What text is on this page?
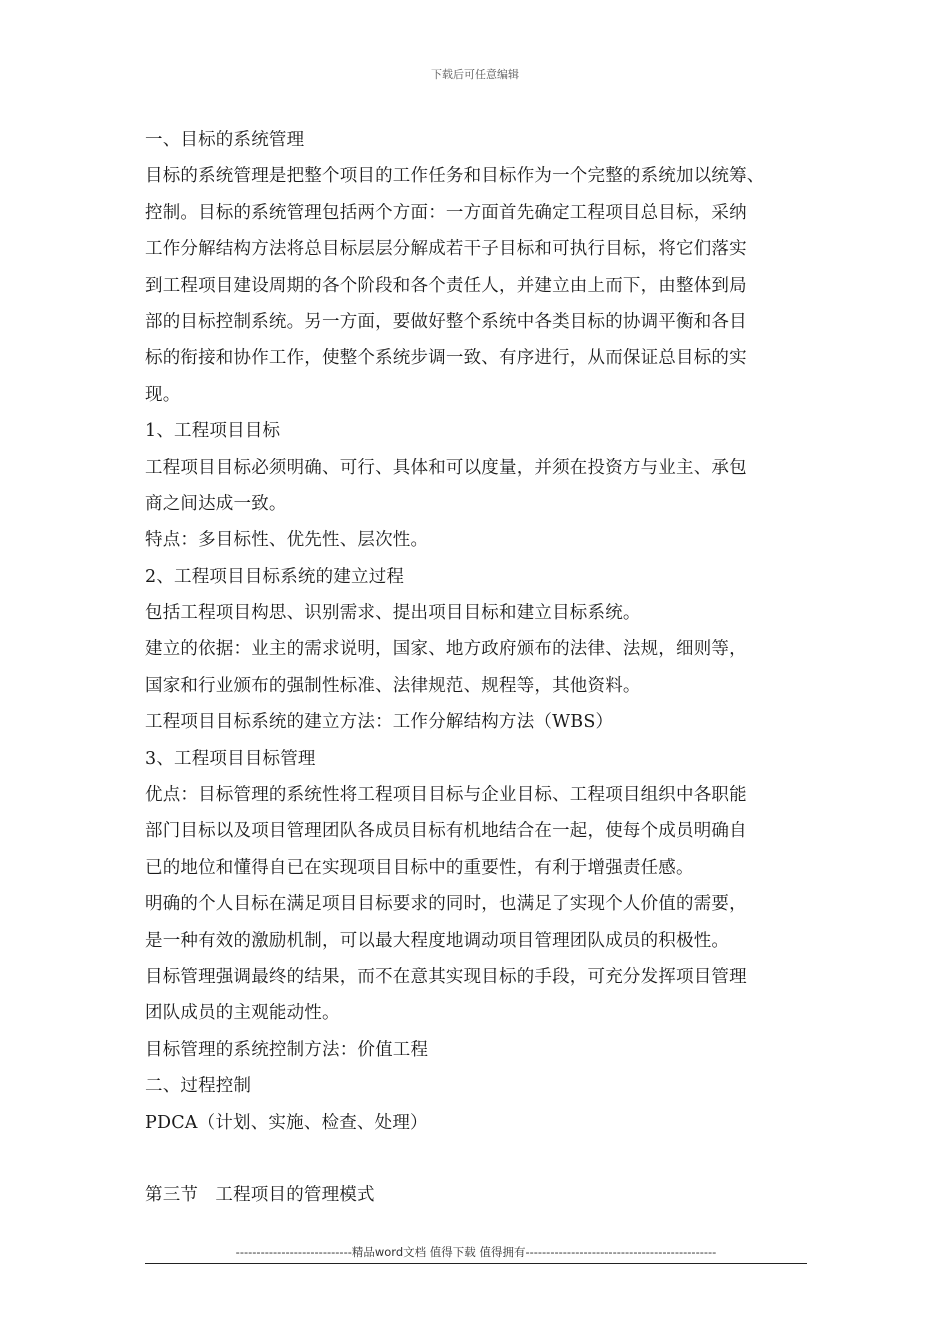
下载后可任意编辑
一、目标的系统管理
目标的系统管理是把整个项目的工作任务和目标作为一个完整的系统加以统筹、
控制。目标的系统管理包括两个方面：一方面首先确定工程项目总目标，采纳
工作分解结构方法将总目标层层分解成若干子目标和可执行目标，将它们落实
到工程项目建设周期的各个阶段和各个责任人，并建立由上而下，由整体到局
部的目标控制系统。另一方面，要做好整个系统中各类目标的协调平衡和各目
标的衔接和协作工作，使整个系统步调一致、有序进行，从而保证总目标的实
现。
1、工程项目目标
工程项目目标必须明确、可行、具体和可以度量，并须在投资方与业主、承包
商之间达成一致。
特点：多目标性、优先性、层次性。
2、工程项目目标系统的建立过程
包括工程项目构思、识别需求、提出项目目标和建立目标系统。
建立的依据：业主的需求说明，国家、地方政府颁布的法律、法规，细则等，
国家和行业颁布的强制性标准、法律规范、规程等，其他资料。
工程项目目标系统的建立方法：工作分解结构方法（WBS）
3、工程项目目标管理
优点：目标管理的系统性将工程项目目标与企业目标、工程项目组织中各职能
部门目标以及项目管理团队各成员目标有机地结合在一起，使每个成员明确自
已的地位和懂得自已在实现项目目标中的重要性，有利于增强责任感。
明确的个人目标在满足项目目标要求的同时，也满足了实现个人价值的需要，
是一种有效的激励机制，可以最大程度地调动项目管理团队成员的积极性。
目标管理强调最终的结果，而不在意其实现目标的手段，可充分发挥项目管理
团队成员的主观能动性。
目标管理的系统控制方法：价值工程
二、过程控制
PDCA（计划、实施、检查、处理）
第三节   工程项目的管理模式
----------------------------精品word文档 值得下载 值得拥有----------------------------------------------
